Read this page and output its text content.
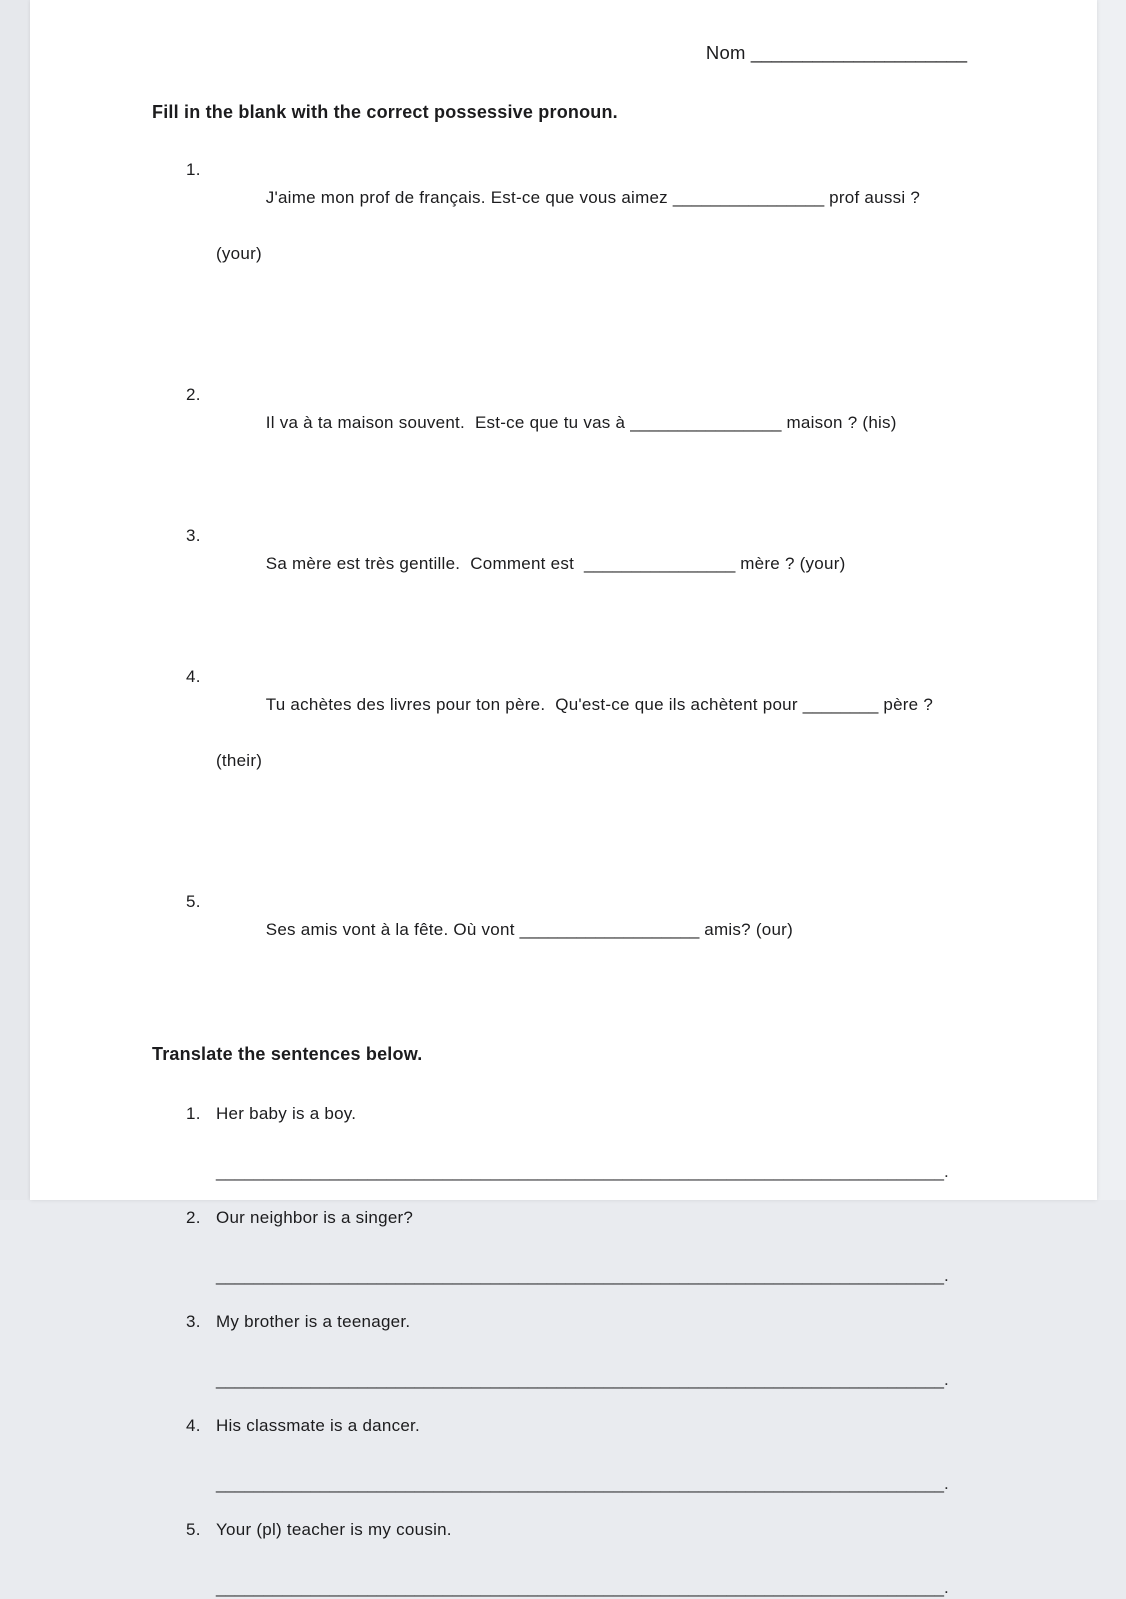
Nom _____________________

Fill in the blank with the correct possessive pronoun.
1.

J'aime mon prof de français. Est-ce que vous aimez ________________ prof aussi ?

(your)

2.

Il va à ta maison souvent.  Est-ce que tu vas à ________________ maison ? (his)

3.

Sa mère est très gentille.  Comment est  ________________ mère ? (your)

4.

Tu achètes des livres pour ton père.  Qu'est-ce que ils achètent pour ________ père ?

(their)

5.

Ses amis vont à la fête. Où vont ___________________ amis? (our)

Translate the sentences below.
1. Her baby is a boy.
_____________________________________________________________________________.
2. Our neighbor is a singer?
_____________________________________________________________________________.
3. My brother is a teenager.
_____________________________________________________________________________.
4. His classmate is a dancer.
_____________________________________________________________________________.
5. Your (pl) teacher is my cousin.
_____________________________________________________________________________.
